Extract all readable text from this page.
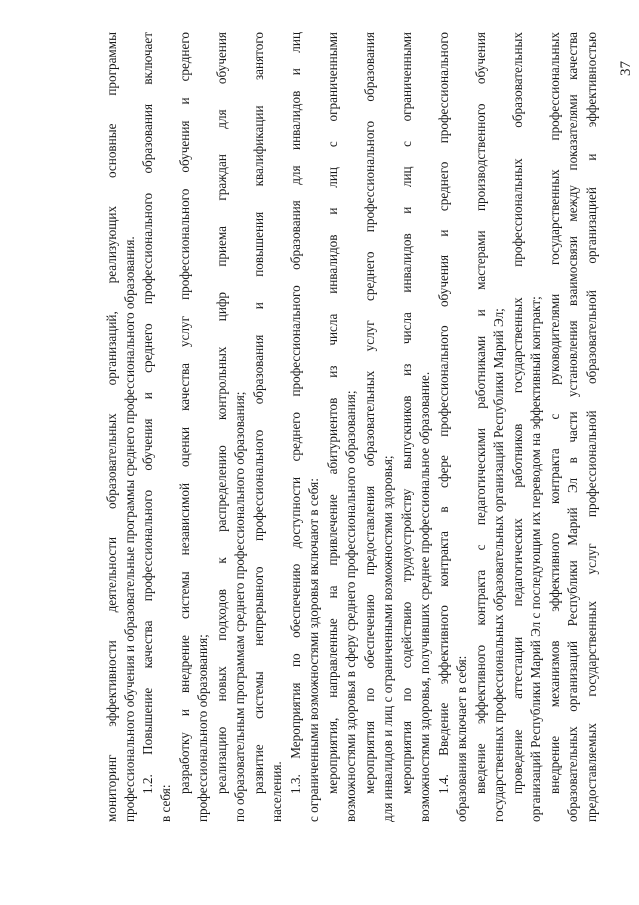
37
мониторинг эффективности деятельности образовательных организаций, реализующих основные программы профессионального обучения и образовательные программы среднего профессионального образования. 1.2. Повышение качества профессионального обучения и среднего профессионального образования включает
в себя:
разработку и внедрение системы независимой оценки качества услуг профессионального обучения и среднего профессионального образования; реализацию новых подходов к распределению контрольных цифр приема граждан для обучения по образовательным программам среднего профессионального образования; развитие системы непрерывного профессионального образования и повышения квалификации занятого населения. 1.3. Мероприятия по обеспечению доступности среднего профессионального образования для инвалидов и лиц с ограниченными возможностями здоровья включают в себя: мероприятия, направленные на привлечение абитуриентов из числа инвалидов и лиц с ограниченными возможностями здоровья в сферу среднего профессионального образования; мероприятия по обеспечению предоставления образовательных услуг среднего профессионального образования для инвалидов и лиц с ограниченными возможностями здоровья; мероприятия по содействию трудоустройству выпускников из числа инвалидов и лиц с ограниченными возможностями здоровья, получивших среднее профессиональное образование. 1.4. Введение эффективного контракта в сфере профессионального обучения и среднего профессионального образования включает в себя: введение эффективного контракта с педагогическими работниками и мастерами производственного обучения государственных профессиональных образовательных организаций Республики Марий Эл; проведение аттестации педагогических работников государственных профессиональных образовательных организаций Республики Марий Эл с последующим их переводом на эффективный контракт; внедрение механизмов эффективного контракта с руководителями государственных профессиональных образовательных организаций Республики Марий Эл в части установления взаимосвязи между показателями качества предоставляемых государственных услуг профессиональной образовательной организацией и эффективностью
